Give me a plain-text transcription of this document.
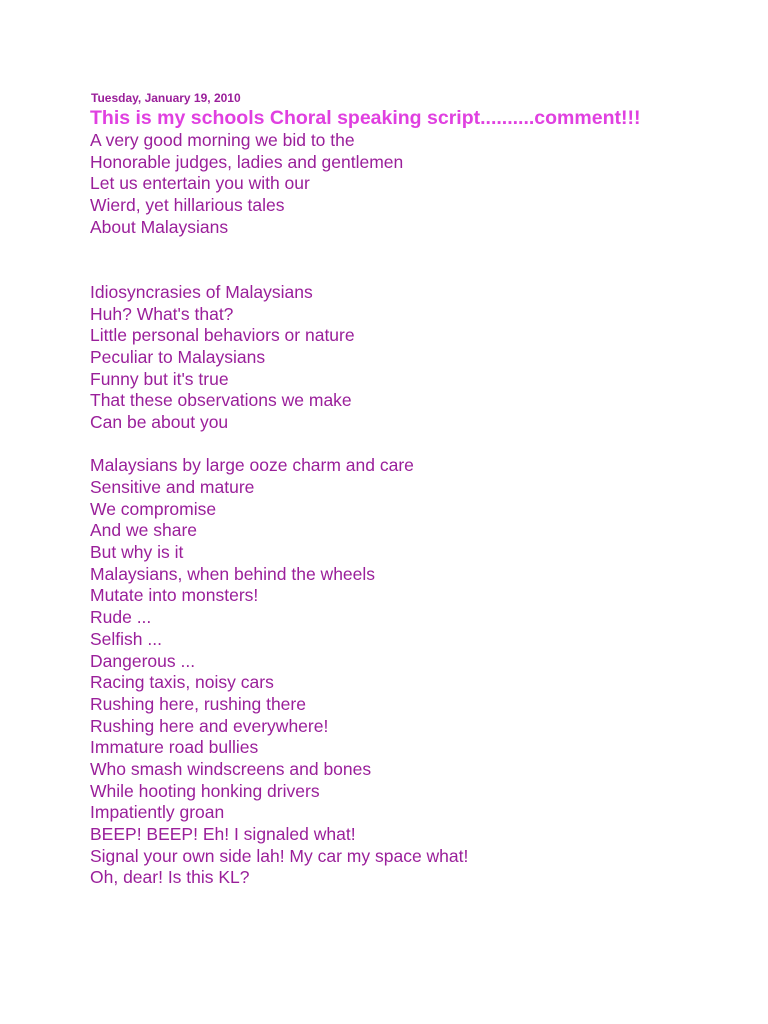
Tuesday, January 19, 2010
This is my schools Choral speaking script..........comment!!!
A very good morning we bid to the
Honorable judges, ladies and gentlemen
Let us entertain you with our
Wierd, yet hillarious tales
About Malaysians
Idiosyncrasies of Malaysians
Huh? What's that?
Little personal behaviors or nature
Peculiar to Malaysians
Funny but it's true
That these observations we make
Can be about you
Malaysians by large ooze charm and care
Sensitive and mature
We compromise
And we share
But why is it
Malaysians, when behind the wheels
Mutate into monsters!
Rude ...
Selfish ...
Dangerous ...
Racing taxis, noisy cars
Rushing here, rushing there
Rushing here and everywhere!
Immature road bullies
Who smash windscreens and bones
While hooting honking drivers
Impatiently groan
BEEP! BEEP! Eh! I signaled what!
Signal your own side lah! My car my space what!
Oh, dear! Is this KL?
